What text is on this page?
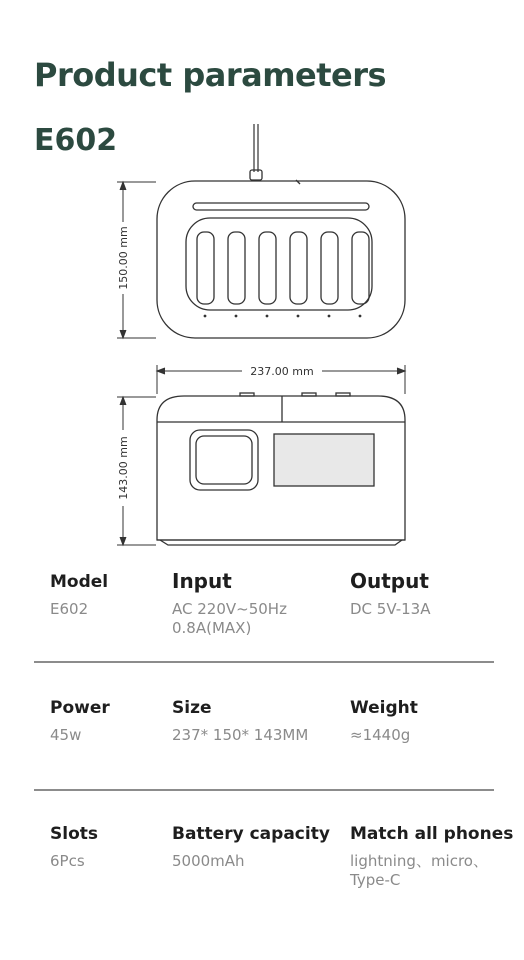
Product parameters
E602
150.00 mm
237.00 mm
143.00 mm
Model
E602
Input
AC 220V~50Hz
0.8A(MAX)
Output
DC 5V-13A
Power
45w
Size
237* 150* 143MM
Weight
≈1440g
Slots
6Pcs
Battery capacity
5000mAh
Match all phones
lightning、micro、
Type-C
